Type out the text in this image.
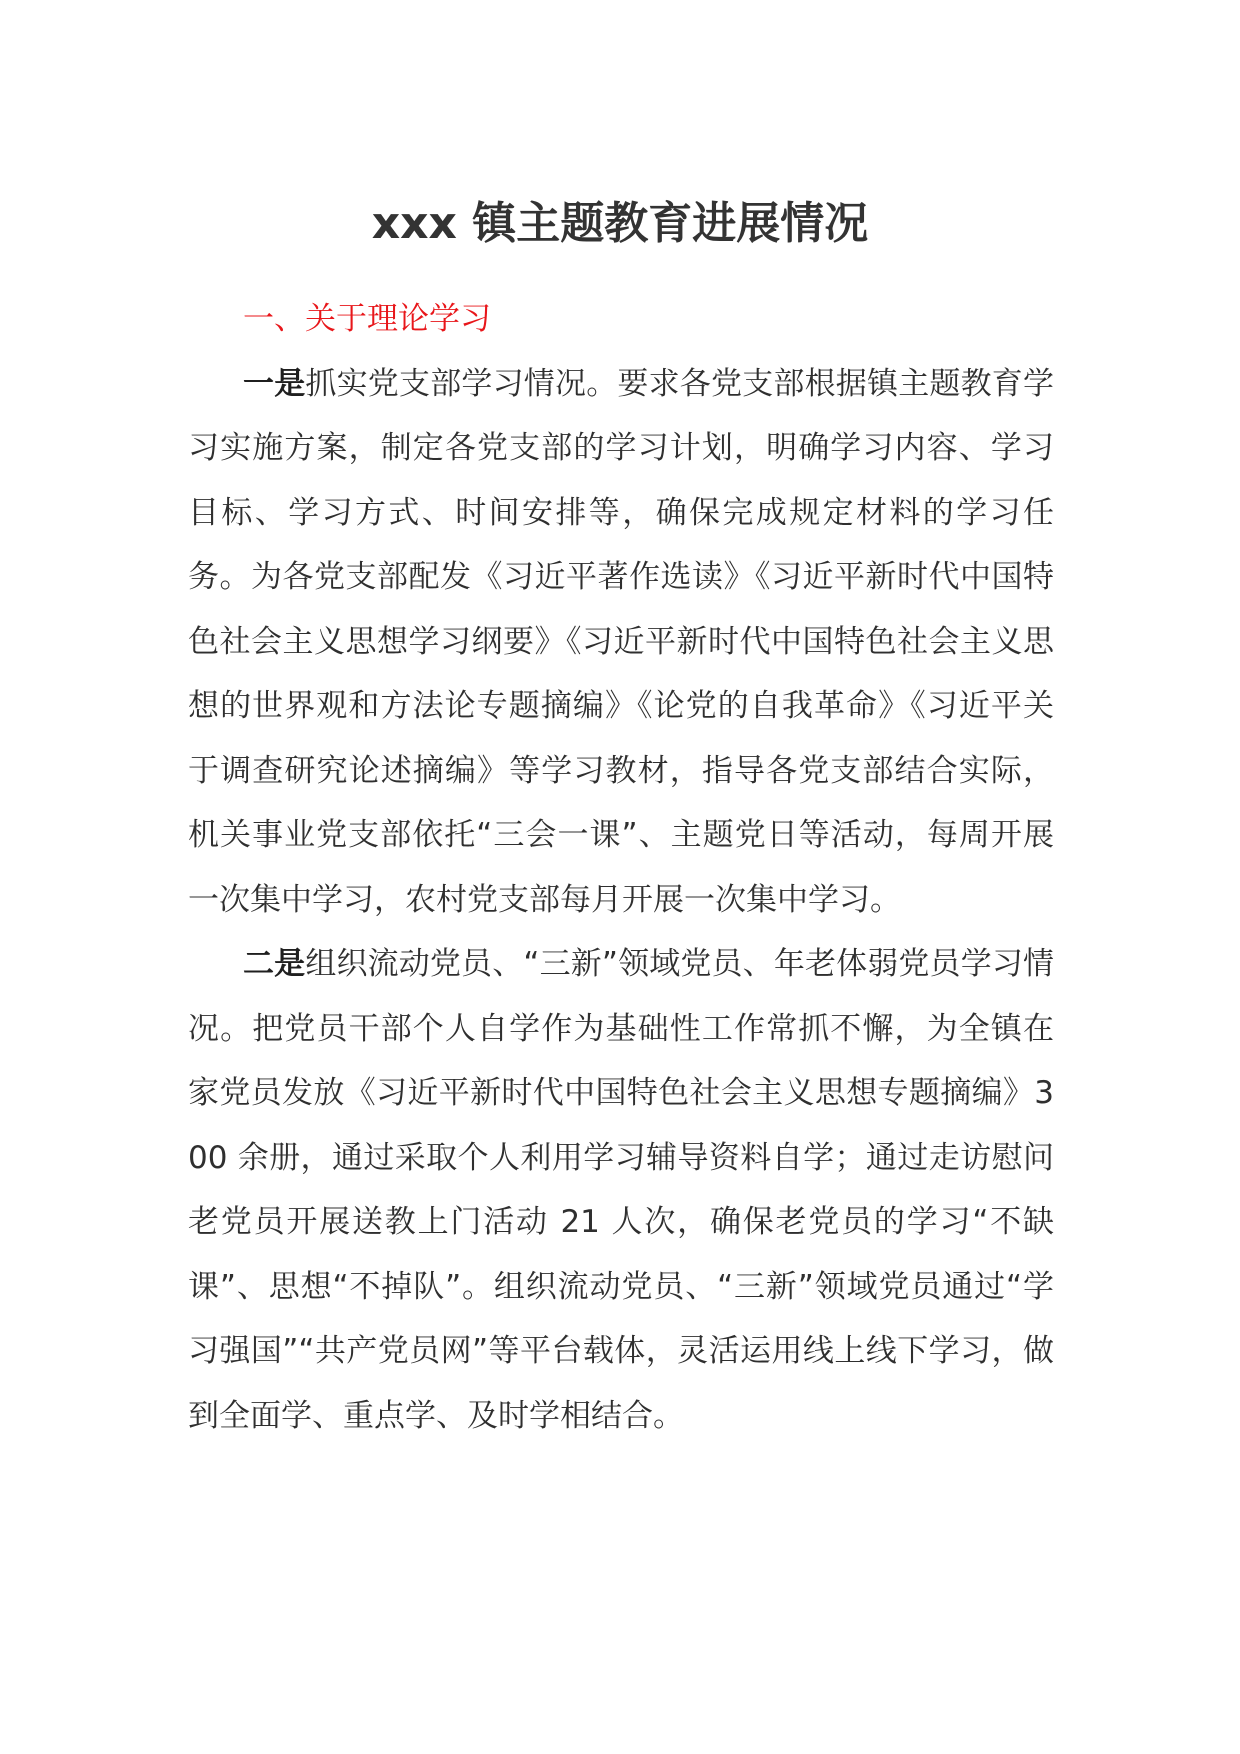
xxx 镇主题教育进展情况
一、关于理论学习

一是抓实党支部学习情况。要求各党支部根据镇主题教育学习实施方案，制定各党支部的学习计划，明确学习内容、学习目标、学习方式、时间安排等，确保完成规定材料的学习任务。为各党支部配发《习近平著作选读》《习近平新时代中国特色社会主义思想学习纲要》《习近平新时代中国特色社会主义思想的世界观和方法论专题摘编》《论党的自我革命》《习近平关于调查研究论述摘编》等学习教材，指导各党支部结合实际，机关事业党支部依托“三会一课”、主题党日等活动，每周开展一次集中学习，农村党支部每月开展一次集中学习。

二是组织流动党员、“三新”领域党员、年老体弱党员学习情况。把党员干部个人自学作为基础性工作常抓不懈，为全镇在家党员发放《习近平新时代中国特色社会主义思想专题摘编》300 余册，通过采取个人利用学习辅导资料自学；通过走访慰问老党员开展送教上门活动 21 人次，确保老党员的学习“不缺课”、思想“不掉队”。组织流动党员、“三新”领域党员通过“学习强国”“共产党员网”等平台载体，灵活运用线上线下学习，做到全面学、重点学、及时学相结合。
